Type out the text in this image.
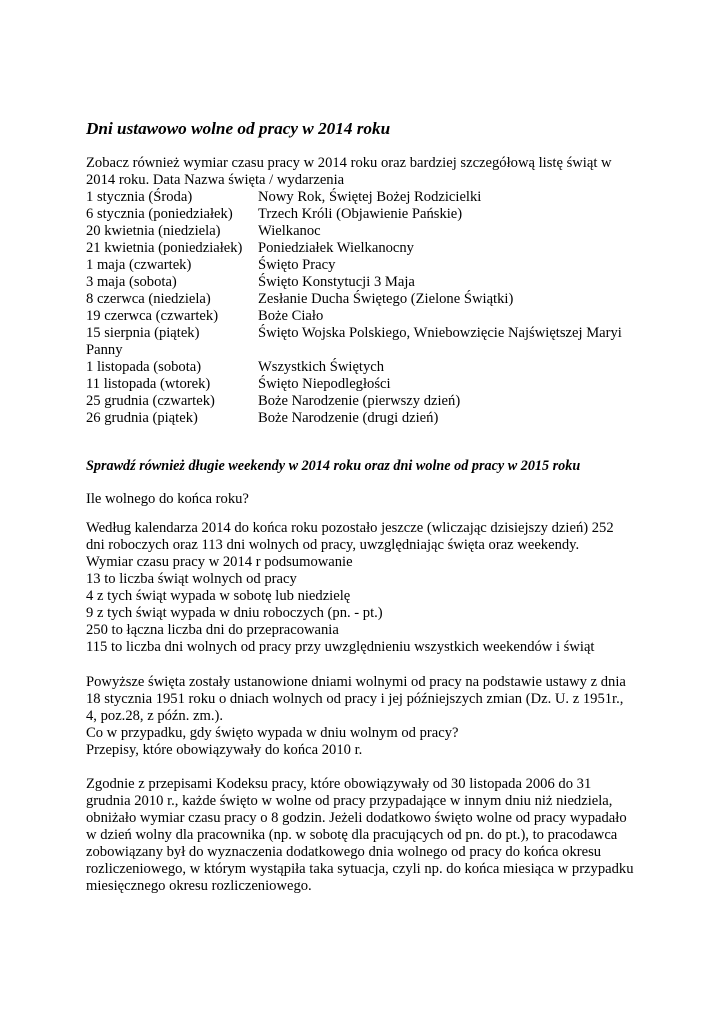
Dni ustawowo wolne od pracy w 2014 roku
Zobacz również wymiar czasu pracy w 2014 roku oraz bardziej szczegółową listę świąt w
2014 roku. Data Nazwa święta / wydarzenia
1 stycznia (Środa)	Nowy Rok, Świętej Bożej Rodzicielki
6 stycznia (poniedziałek) Trzech Króli (Objawienie Pańskie)
20 kwietnia (niedziela)	Wielkanoc
21 kwietnia (poniedziałek) Poniedziałek Wielkanocny
1 maja (czwartek)	Święto Pracy
3 maja (sobota)	Święto Konstytucji 3 Maja
8 czerwca (niedziela)	Zesłanie Ducha Świętego (Zielone Świątki)
19 czerwca (czwartek)	Boże Ciało
15 sierpnia (piątek)	Święto Wojska Polskiego, Wniebowzięcie Najświętszej Maryi
Panny
1 listopada (sobota)	Wszystkich Świętych
11 listopada (wtorek)	Święto Niepodległości
25 grudnia (czwartek)	Boże Narodzenie (pierwszy dzień)
26 grudnia (piątek)	Boże Narodzenie (drugi dzień)
Sprawdź również długie weekendy w 2014 roku oraz dni wolne od pracy w 2015 roku
Ile wolnego do końca roku?
Według kalendarza 2014 do końca roku pozostało jeszcze (wliczając dzisiejszy dzień) 252
dni roboczych oraz 113 dni wolnych od pracy, uwzględniając święta oraz weekendy.
Wymiar czasu pracy w 2014 r podsumowanie
13 to liczba świąt wolnych od pracy
4 z tych świąt wypada w sobotę lub niedzielę
9 z tych świąt wypada w dniu roboczych (pn. - pt.)
250 to łączna liczba dni do przepracowania
115 to liczba dni wolnych od pracy przy uwzględnieniu wszystkich weekendów i świąt
Powyższe święta zostały ustanowione dniami wolnymi od pracy na podstawie ustawy z dnia
18 stycznia 1951 roku o dniach wolnych od pracy i jej późniejszych zmian (Dz. U. z 1951r.,
4, poz.28, z późn. zm.).
Co w przypadku, gdy święto wypada w dniu wolnym od pracy?
Przepisy, które obowiązywały do końca 2010 r.
Zgodnie z przepisami Kodeksu pracy, które obowiązywały od 30 listopada 2006 do 31
grudnia 2010 r., każde święto w wolne od pracy przypadające w innym dniu niż niedziela,
obniżało wymiar czasu pracy o 8 godzin. Jeżeli dodatkowo święto wolne od pracy wypadało
w dzień wolny dla pracownika (np. w sobotę dla pracujących od pn. do pt.), to pracodawca
zobowiązany był do wyznaczenia dodatkowego dnia wolnego od pracy do końca okresu
rozliczeniowego, w którym wystąpiła taka sytuacja, czyli np. do końca miesiąca w przypadku
miesięcznego okresu rozliczeniowego.
